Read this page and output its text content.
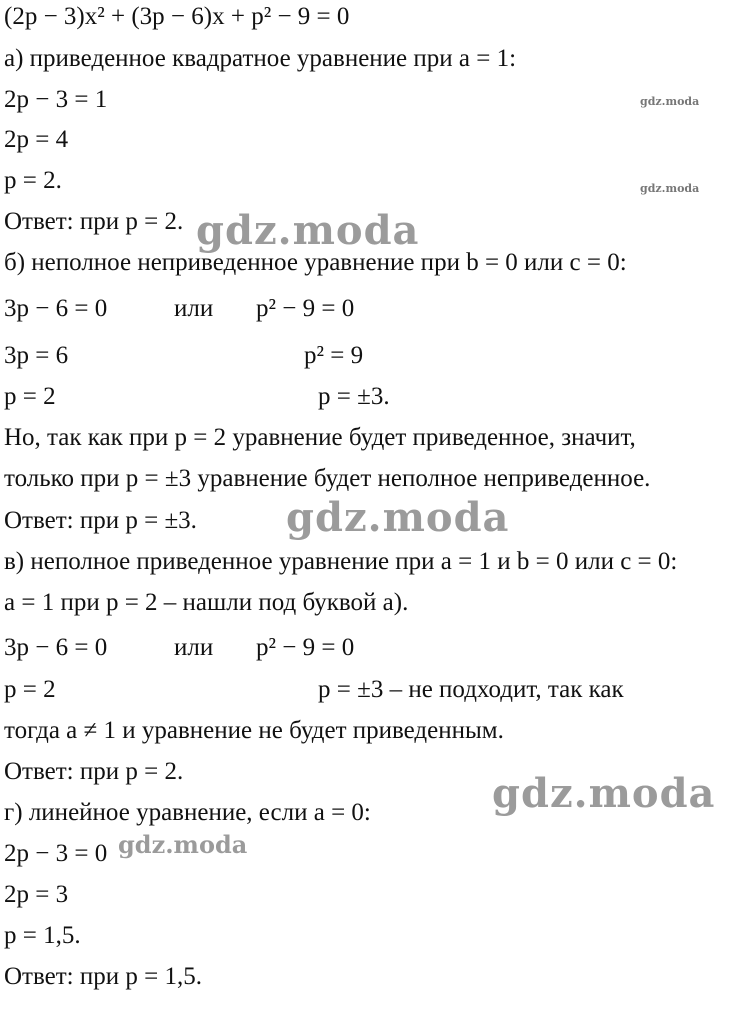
(2p − 3)x² + (3p − 6)x + p² − 9 = 0
а) приведенное квадратное уравнение при a = 1:
2p − 3 = 1
2p = 4
p = 2.
Ответ: при p = 2.
б) неполное неприведенное уравнение при b = 0 или c = 0:
3p − 6 = 0	или p² − 9 = 0
3p = 6	p² = 9
p = 2	p = ±3.
Но, так как при p = 2 уравнение будет приведенное, значит,
только при p = ±3 уравнение будет неполное неприведенное.
Ответ: при p = ±3.
в) неполное приведенное уравнение при a = 1 и b = 0 или c = 0:
a = 1 при p = 2 – нашли под буквой а).
3p − 6 = 0	или p² − 9 = 0
p = 2	p = ±3 – не подходит, так как
тогда a ≠ 1 и уравнение не будет приведенным.
Ответ: при p = 2.
г) линейное уравнение, если a = 0:
2p − 3 = 0
2p = 3
p = 1,5.
Ответ: при p = 1,5.
gdz.moda
gdz.moda
gdz.moda
gdz.moda
gdz.moda
gdz.moda
